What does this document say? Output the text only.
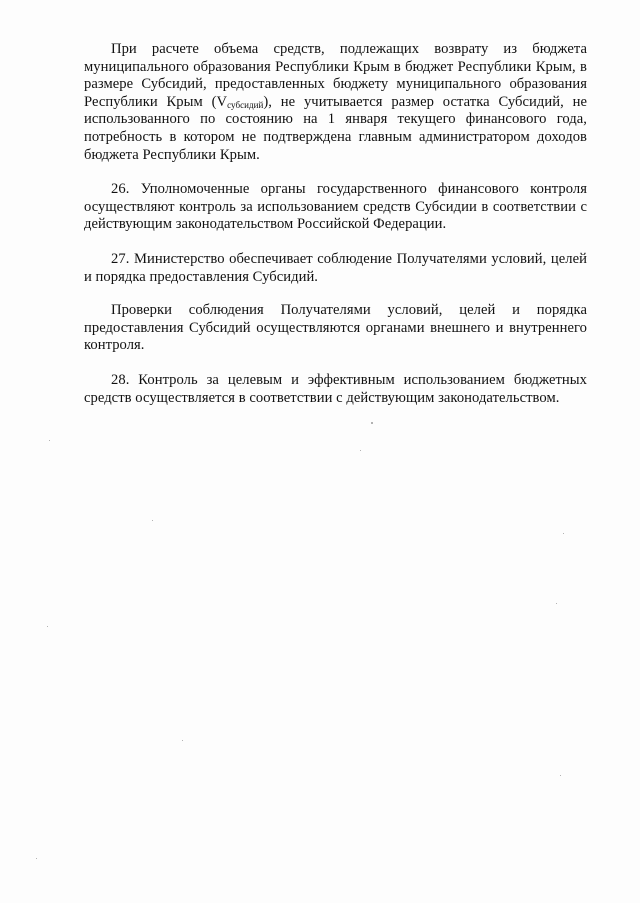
При расчете объема средств, подлежащих возврату из бюджета муниципального образования Республики Крым в бюджет Республики Крым, в размере Субсидий, предоставленных бюджету муниципального образования Республики Крым $(V_{субсидий})$, не учитывается размер остатка Субсидий, не использованного по состоянию на 1 января текущего финансового года, потребность в котором не подтверждена главным администратором доходов бюджета Республики Крым.

26. Уполномоченные органы государственного финансового контроля осуществляют контроль за использованием средств Субсидии в соответствии с действующим законодательством Российской Федерации.

27. Министерство обеспечивает соблюдение Получателями условий, целей и порядка предоставления Субсидий.

Проверки соблюдения Получателями условий, целей и порядка предоставления Субсидий осуществляются органами внешнего и внутреннего контроля.

28. Контроль за целевым и эффективным использованием бюджетных средств осуществляется в соответствии с действующим законодательством.
